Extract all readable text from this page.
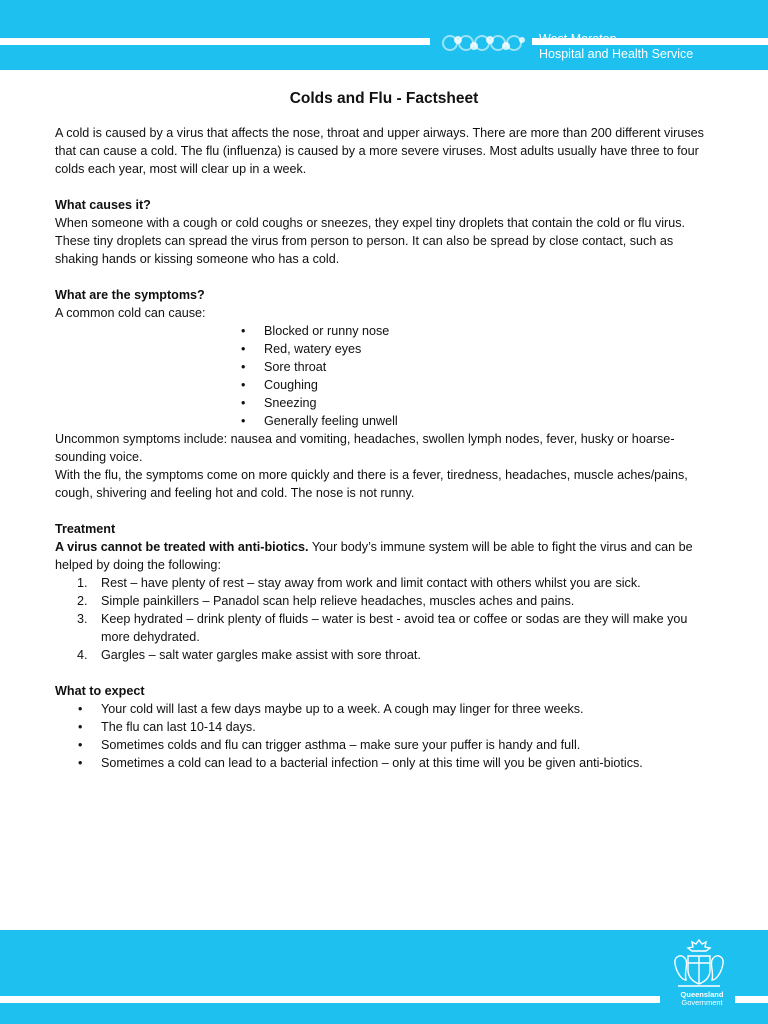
West Moreton
Hospital and Health Service
Colds and Flu - Factsheet

A cold is caused by a virus that affects the nose, throat and upper airways. There are more than 200 different viruses that can cause a cold. The flu (influenza) is caused by a more severe viruses. Most adults usually have three to four colds each year, most will clear up in a week.

What causes it?

When someone with a cough or cold coughs or sneezes, they expel tiny droplets that contain the cold or flu virus. These tiny droplets can spread the virus from person to person. It can also be spread by close contact, such as shaking hands or kissing someone who has a cold.

What are the symptoms?

A common cold can cause:

• Blocked or runny nose
• Red, watery eyes
• Sore throat
• Coughing
• Sneezing
• Generally feeling unwell

Uncommon symptoms include: nausea and vomiting, headaches, swollen lymph nodes, fever, husky or hoarse-sounding voice.

With the flu, the symptoms come on more quickly and there is a fever, tiredness, headaches, muscle aches/pains, cough, shivering and feeling hot and cold. The nose is not runny.

Treatment

A virus cannot be treated with anti-biotics. Your body’s immune system will be able to fight the virus and can be helped by doing the following:

1. Rest – have plenty of rest – stay away from work and limit contact with others whilst you are sick.
2. Simple painkillers – Panadol scan help relieve headaches, muscles aches and pains.
3. Keep hydrated – drink plenty of fluids – water is best - avoid tea or coffee or sodas are they will make you more dehydrated.
4. Gargles – salt water gargles make assist with sore throat.

What to expect

• Your cold will last a few days maybe up to a week. A cough may linger for three weeks.
• The flu can last 10-14 days.
• Sometimes colds and flu can trigger asthma – make sure your puffer is handy and full.
• Sometimes a cold can lead to a bacterial infection – only at this time will you be given anti-biotics.
Queensland
Government
